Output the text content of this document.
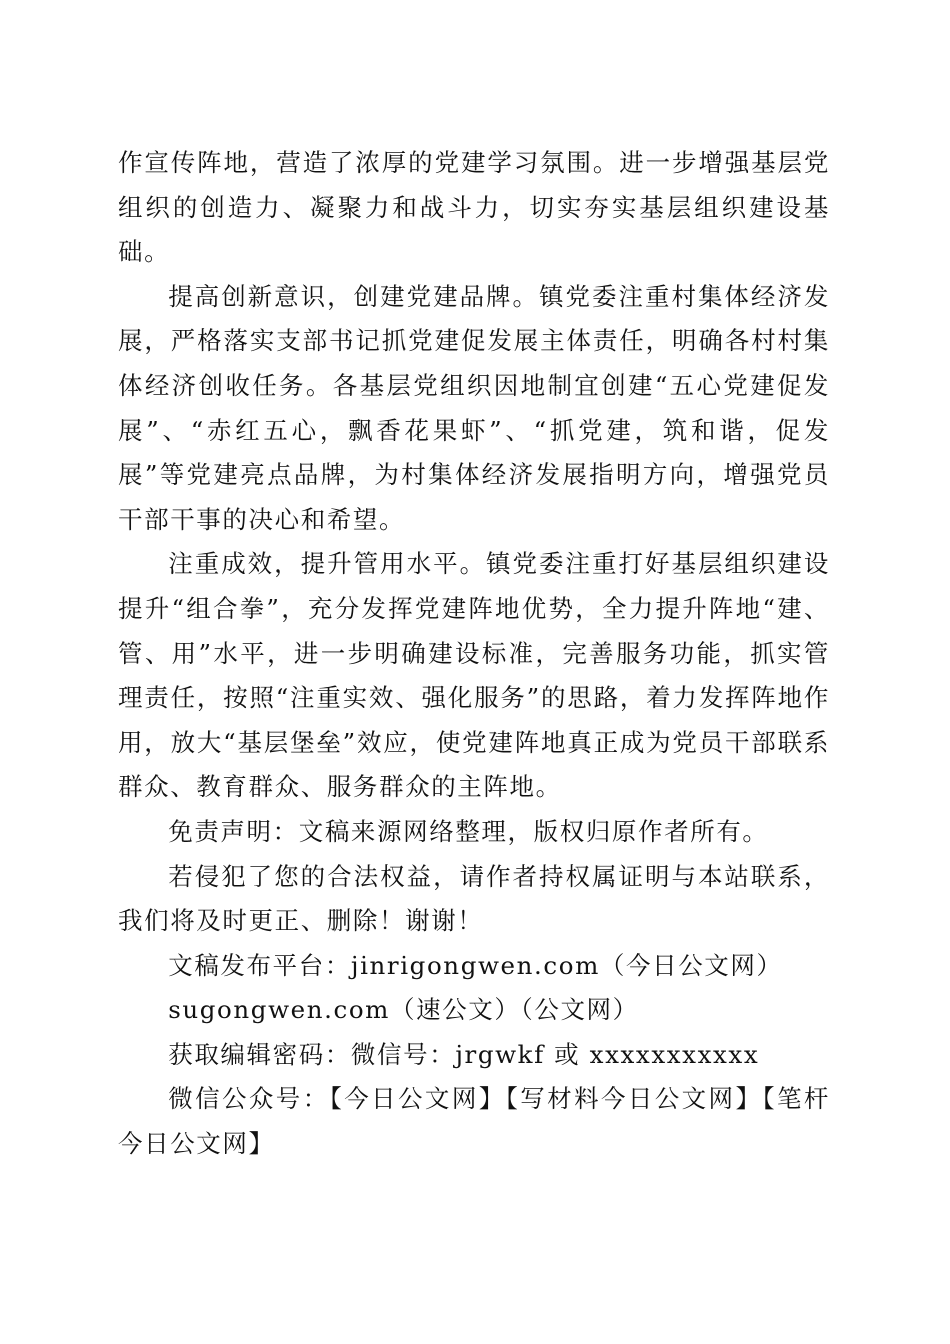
作宣传阵地，营造了浓厚的党建学习氛围。进一步增强基层党组织的创造力、凝聚力和战斗力，切实夯实基层组织建设基础。

提高创新意识，创建党建品牌。镇党委注重村集体经济发展，严格落实支部书记抓党建促发展主体责任，明确各村村集体经济创收任务。各基层党组织因地制宜创建“五心党建促发展”、“赤红五心，飘香花果虾”、“抓党建，筑和谐，促发展”等党建亮点品牌，为村集体经济发展指明方向，增强党员干部干事的决心和希望。

注重成效，提升管用水平。镇党委注重打好基层组织建设提升“组合拳”，充分发挥党建阵地优势，全力提升阵地“建、管、用”水平，进一步明确建设标准，完善服务功能，抓实管理责任，按照“注重实效、强化服务”的思路，着力发挥阵地作用，放大“基层堡垒”效应，使党建阵地真正成为党员干部联系群众、教育群众、服务群众的主阵地。

免责声明：文稿来源网络整理，版权归原作者所有。

若侵犯了您的合法权益，请作者持权属证明与本站联系，我们将及时更正、删除！谢谢！

文稿发布平台：jinrigongwen.com（今日公文网）

sugongwen.com（速公文）（公文网）

获取编辑密码：微信号：jrgwkf 或 xxxxxxxxxxx

微信公众号：【今日公文网】【写材料今日公文网】【笔杆今日公文网】
